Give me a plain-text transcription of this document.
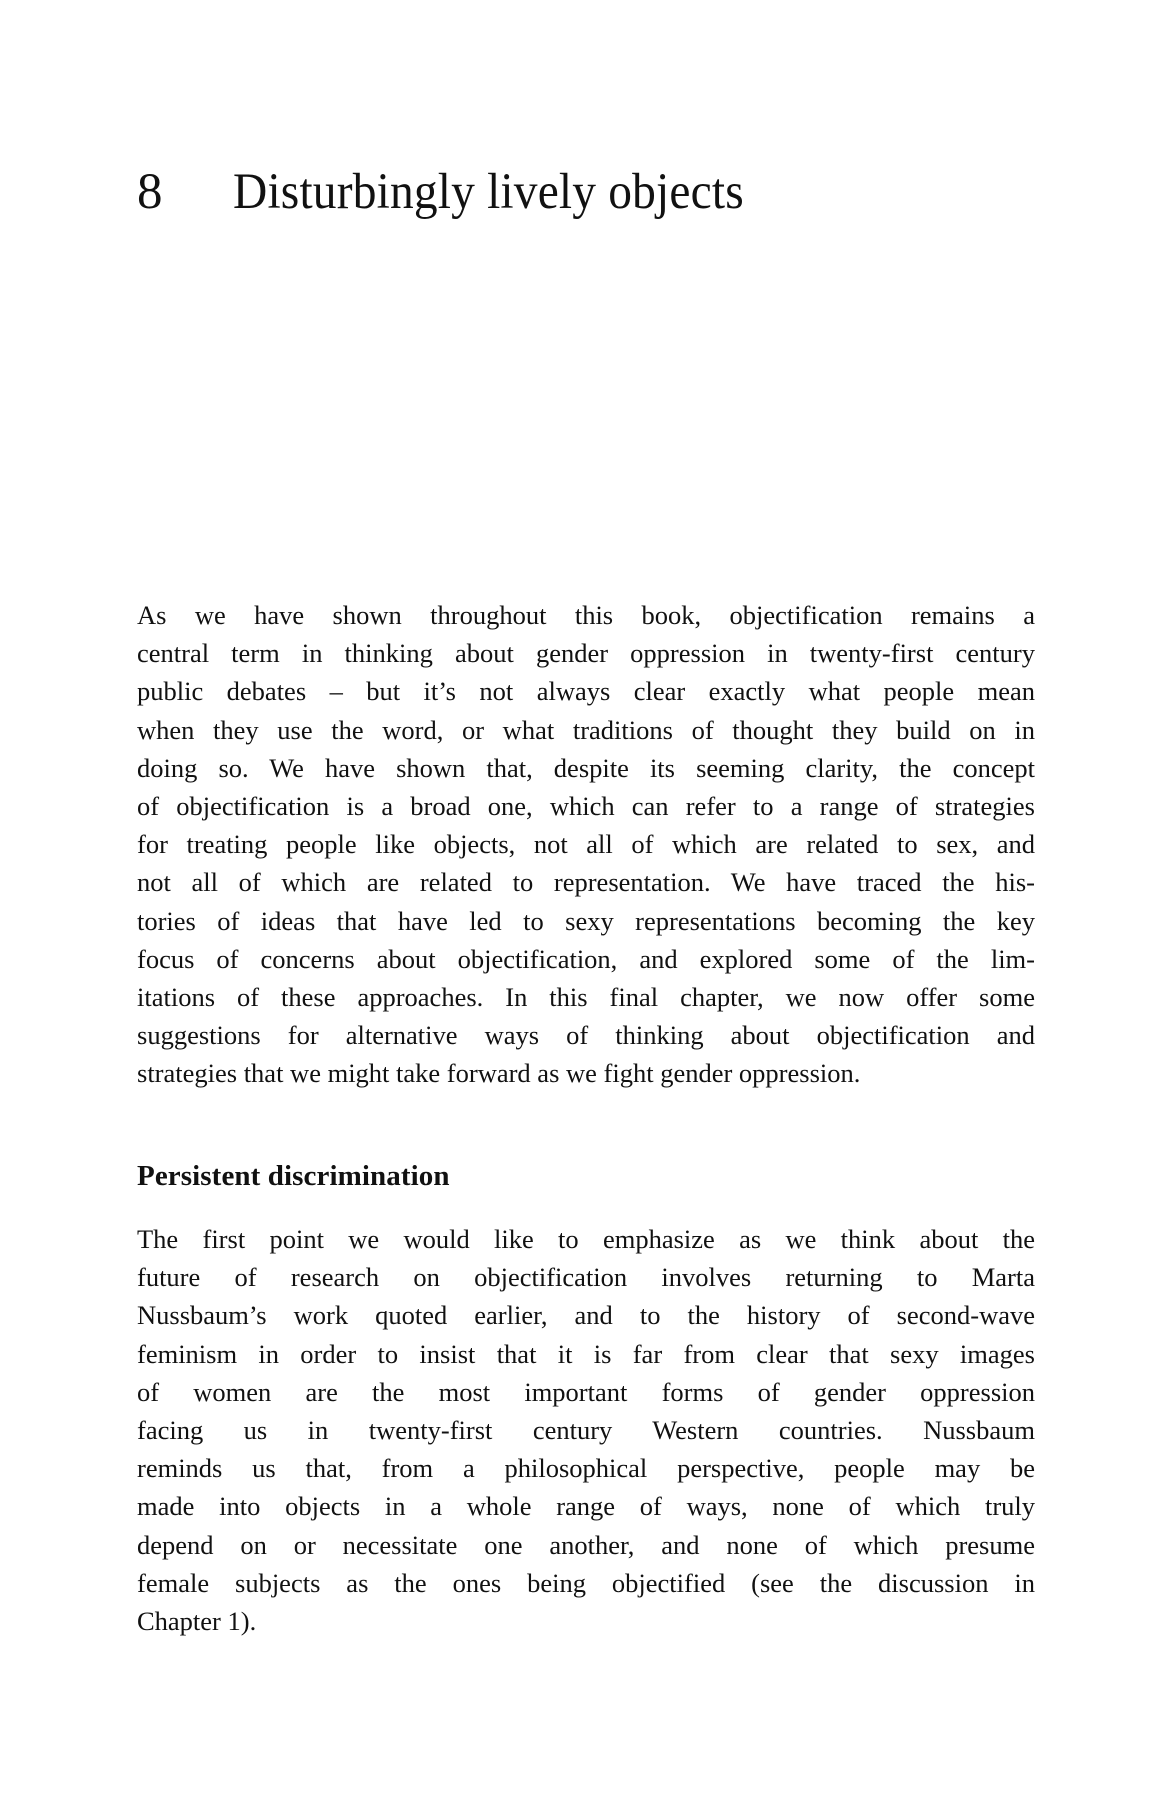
8 Disturbingly lively objects
As we have shown throughout this book, objectification remains a
central term in thinking about gender oppression in twenty-first century
public debates – but it’s not always clear exactly what people mean
when they use the word, or what traditions of thought they build on in
doing so. We have shown that, despite its seeming clarity, the concept
of objectification is a broad one, which can refer to a range of strategies
for treating people like objects, not all of which are related to sex, and
not all of which are related to representation. We have traced the his-
tories of ideas that have led to sexy representations becoming the key
focus of concerns about objectification, and explored some of the lim-
itations of these approaches. In this final chapter, we now offer some
suggestions for alternative ways of thinking about objectification and
strategies that we might take forward as we fight gender oppression.
Persistent discrimination
The first point we would like to emphasize as we think about the
future of research on objectification involves returning to Marta
Nussbaum’s work quoted earlier, and to the history of second-wave
feminism in order to insist that it is far from clear that sexy images
of women are the most important forms of gender oppression
facing us in twenty-first century Western countries. Nussbaum
reminds us that, from a philosophical perspective, people may be
made into objects in a whole range of ways, none of which truly
depend on or necessitate one another, and none of which presume
female subjects as the ones being objectified (see the discussion in
Chapter 1).
